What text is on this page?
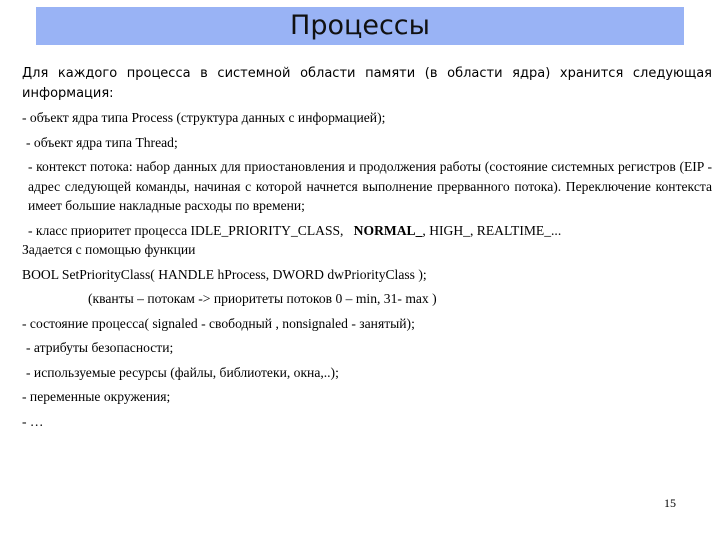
Процессы

Для каждого процесса в системной области памяти (в области ядра) хранится следующая информация:

- объект ядра типа Process (структура данных с информацией);

- объект ядра типа Thread;

- контекст потока: набор данных для приостановления и продолжения работы (состояние системных регистров (EIP - адрес следующей команды, начиная с которой начнется выполнение прерванного потока). Переключение контекста имеет большие накладные расходы по времени;

- класс приоритет процесса IDLE_PRIORITY_CLASS, NORMAL_, HIGH_, REALTIME_...

Задается с помощью функции

BOOL SetPriorityClass( HANDLE hProcess, DWORD dwPriorityClass );

(кванты – потокам -> приоритеты потоков 0 – min, 31- max )

- состояние процесса( signaled - свободный , nonsignaled - занятый);

- атрибуты безопасности;

- используемые ресурсы (файлы, библиотеки, окна,..);

- переменные окружения;

- …

15
